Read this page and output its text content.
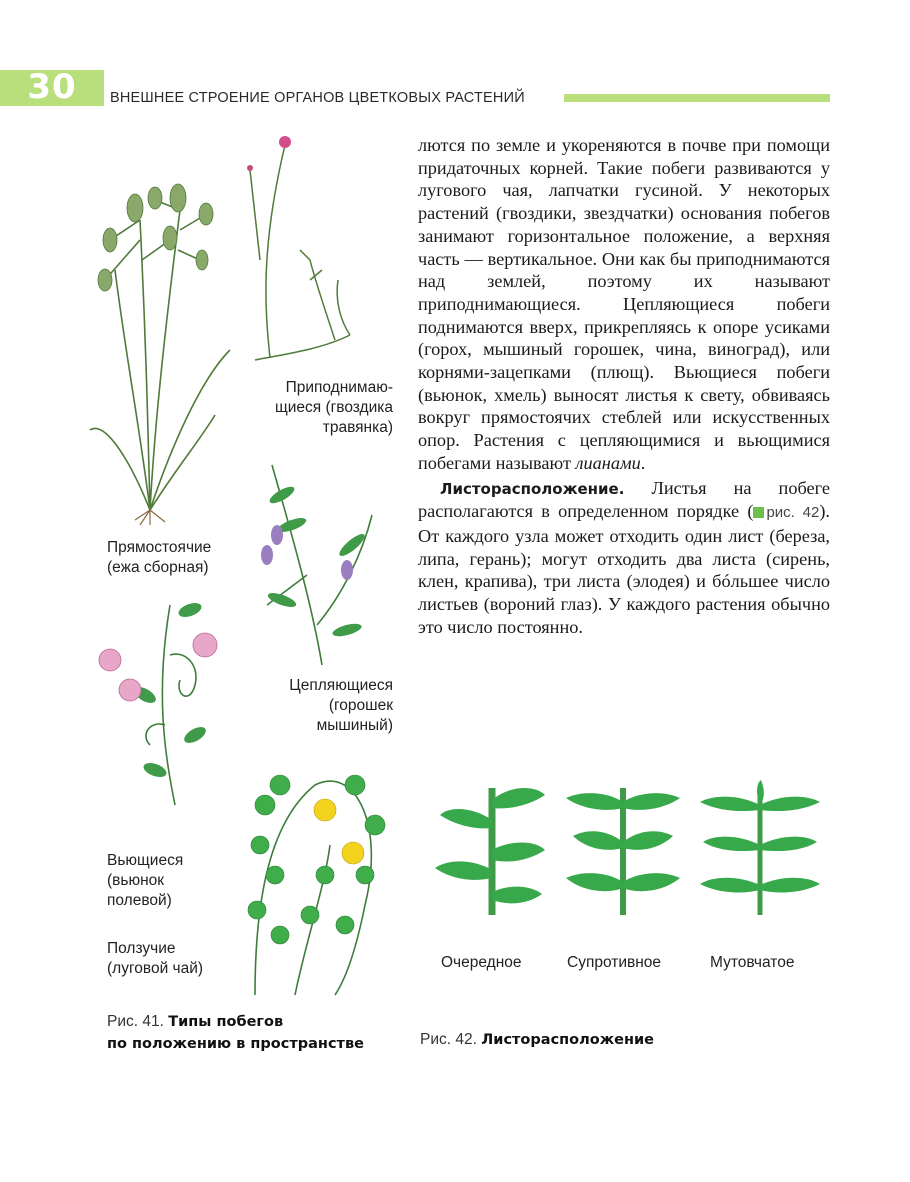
30	ВНЕШНЕЕ СТРОЕНИЕ ОРГАНОВ ЦВЕТКОВЫХ РАСТЕНИЙ

лются по земле и укореняются в почве при помощи придаточных корней. Такие побеги развиваются у лугового чая, лапчатки гусиной. У некоторых растений (гвоздики, звездчатки) основания побегов занимают горизонтальное положение, а верхняя часть — вертикальное. Они как бы приподнимаются над землей, поэтому их называют приподнимающиеся. Цепляющиеся побеги поднимаются вверх, прикрепляясь к опоре усиками (горох, мышиный горошек, чина, виноград), или корнями-зацепками (плющ). Вьющиеся побеги (вьюнок, хмель) выносят листья к свету, обвиваясь вокруг прямостоячих стеблей или искусственных опор. Растения с цепляющимися и вьющимися побегами называют лианами.

Листорасположение. Листья на побеге располагаются в определенном порядке ( рис. 42). От каждого узла может отходить один лист (береза, липа, герань); могут отходить два листа (сирень, клен, крапива), три листа (элодея) и бóльшее число листьев (вороний глаз). У каждого растения обычно это число постоянно.

Приподнимаю-
щиеся (гвоздика
травянка)
Прямостоячие
(ежа сборная)
Цепляющиеся
(горошек
мышиный)
Вьющиеся
(вьюнок
полевой)
Ползучие
(луговой чай)
Рис. 41. Типы побегов
по положению в пространстве
Очередное	Супротивное	Мутовчатое
Рис. 42. Листорасположение
